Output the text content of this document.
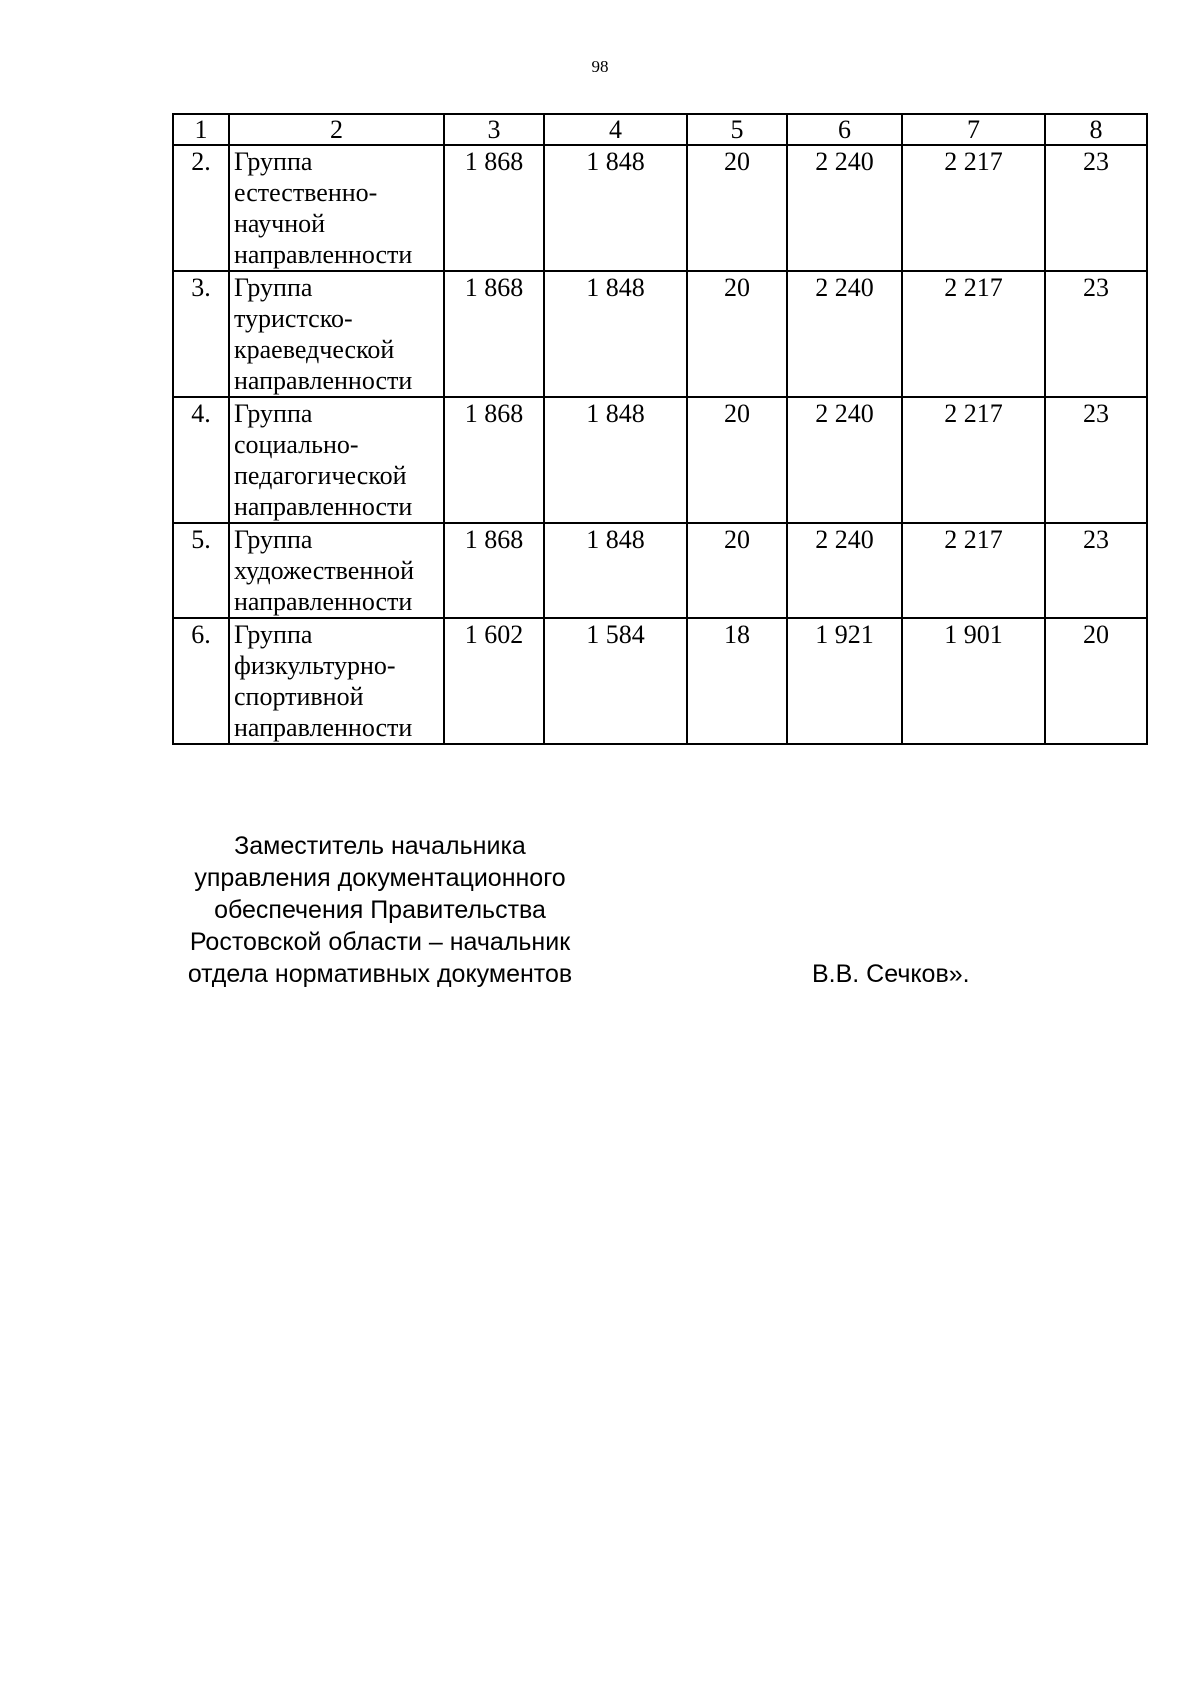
98
1	2	3	4	5	6	7	8
2.	Группа
естественно-
научной
направленности	1 868	1 848	20	2 240	2 217	23
3.	Группа
туристско-
краеведческой
направленности	1 868	1 848	20	2 240	2 217	23
4.	Группа
социально-
педагогической
направленности	1 868	1 848	20	2 240	2 217	23
5.	Группа
художественной
направленности	1 868	1 848	20	2 240	2 217	23
6.	Группа
физкультурно-
спортивной
направленности	1 602	1 584	18	1 921	1 901	20
Заместитель начальника
управления документационного
обеспечения Правительства
Ростовской области – начальник
отдела нормативных документов	В.В. Сечков».
